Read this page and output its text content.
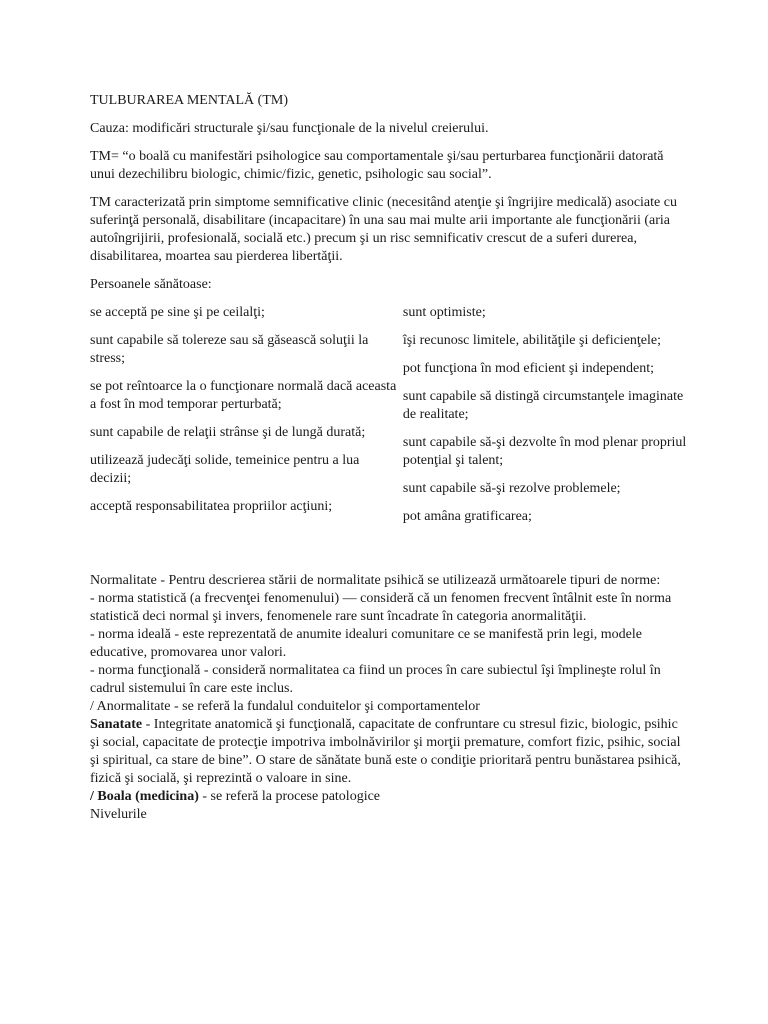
TULBURAREA MENTALĂ (TM)

Cauza: modificări structurale şi/sau funcţionale de la nivelul creierului.

TM= “o boală cu manifestări psihologice sau comportamentale şi/sau perturbarea funcţionării datorată unui dezechilibru biologic, chimic/fizic, genetic, psihologic sau social”.

TM caracterizată prin simptome semnificative clinic (necesitând atenţie şi îngrijire medicală) asociate cu suferinţă personală, disabilitare (incapacitare) în una sau mai multe arii importante ale funcţionării (aria autoîngrijirii, profesională, socială etc.) precum şi un risc semnificativ crescut de a suferi durerea, disabilitarea, moartea sau pierderea libertăţii.

Persoanele sănătoase:

se acceptă pe sine şi pe ceilalţi;

sunt capabile să tolereze sau să găsească soluţii la stress;

se pot reîntoarce la o funcţionare normală dacă aceasta a fost în mod temporar perturbată;

sunt capabile de relaţii strânse şi de lungă durată;

utilizează judecăţi solide, temeinice pentru a lua decizii;

acceptă responsabilitatea propriilor acţiuni;

sunt optimiste;

îşi recunosc limitele, abilităţile şi deficienţele;

pot funcţiona în mod eficient şi independent;

sunt capabile să distingă circumstanţele imaginate de realitate;

sunt capabile să-şi dezvolte în mod plenar propriul potenţial şi talent;

sunt capabile să-şi rezolve problemele;

pot amâna gratificarea;

Normalitate - Pentru descrierea stării de normalitate psihică se utilizează următoarele tipuri de norme:

- norma statistică (a frecvenţei fenomenului) — consideră că un fenomen frecvent întâlnit este în norma statistică deci normal şi invers, fenomenele rare sunt încadrate în categoria anormalităţii.

- norma ideală - este reprezentată de anumite idealuri comunitare ce se manifestă prin legi, modele educative, promovarea unor valori.

- norma funcţională - consideră normalitatea ca fiind un proces în care subiectul îşi împlineşte rolul în cadrul sistemului în care este inclus.

/ Anormalitate - se referă la fundalul conduitelor şi comportamentelor

Sanatate - Integritate anatomică şi funcţională, capacitate de confruntare cu stresul fizic, biologic, psihic şi social, capacitate de protecţie impotriva imbolnăvirilor şi morţii premature, comfort fizic, psihic, social şi spiritual, ca stare de bine”. O stare de sănătate bună este o condiţie prioritară pentru bunăstarea psihică, fizică şi socială, şi reprezintă o valoare in sine.

/ Boala (medicina) - se referă la procese patologice

Nivelurile
